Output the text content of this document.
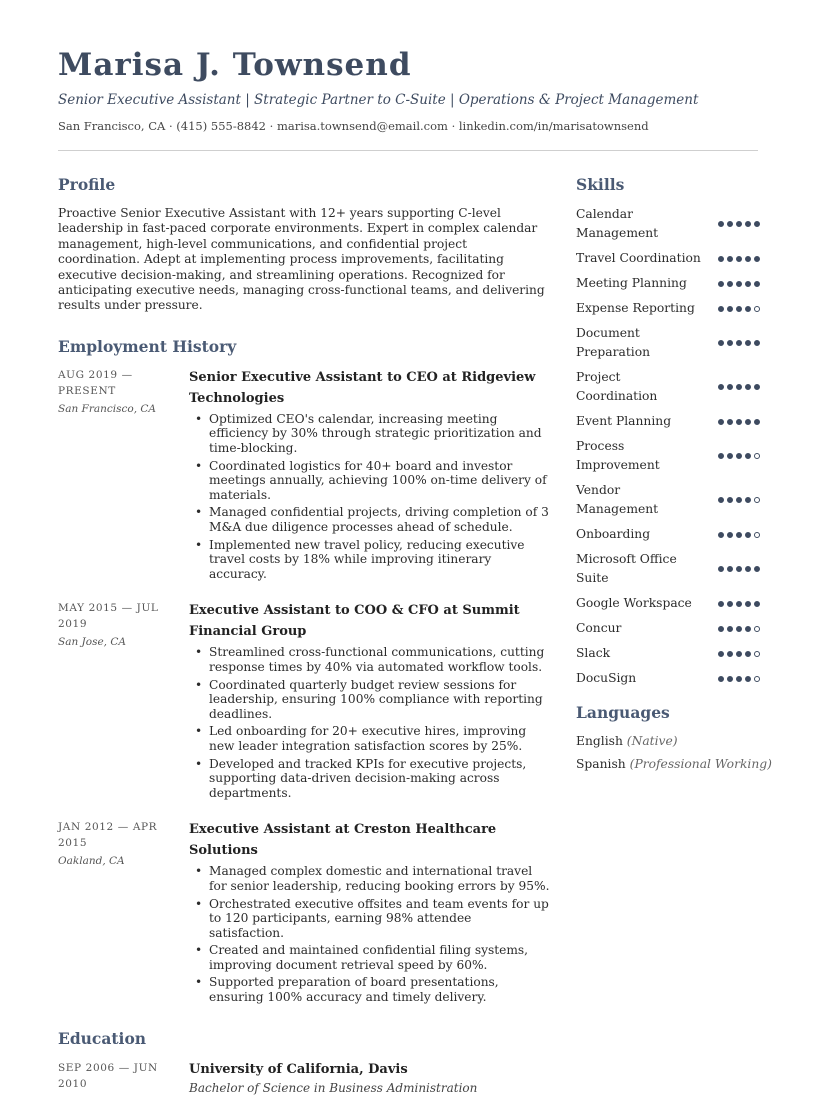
Marisa J. Townsend
Senior Executive Assistant | Strategic Partner to C-Suite | Operations & Project Management
San Francisco, CA · (415) 555-8842 · marisa.townsend@email.com · linkedin.com/in/marisatownsend
Profile

Proactive Senior Executive Assistant with 12+ years supporting C-level leadership in fast-paced corporate environments. Expert in complex calendar management, high-level communications, and confidential project coordination. Adept at implementing process improvements, facilitating executive decision-making, and streamlining operations. Recognized for anticipating executive needs, managing cross-functional teams, and delivering results under pressure.

Employment History
AUG 2019 — PRESENT
San Francisco, CA
Senior Executive Assistant to CEO at Ridgeview Technologies
• Optimized CEO's calendar, increasing meeting efficiency by 30% through strategic prioritization and time-blocking.
• Coordinated logistics for 40+ board and investor meetings annually, achieving 100% on-time delivery of materials.
• Managed confidential projects, driving completion of 3 M&A due diligence processes ahead of schedule.
• Implemented new travel policy, reducing executive travel costs by 18% while improving itinerary accuracy.
MAY 2015 — JUL 2019
San Jose, CA
Executive Assistant to COO & CFO at Summit Financial Group
• Streamlined cross-functional communications, cutting response times by 40% via automated workflow tools.
• Coordinated quarterly budget review sessions for leadership, ensuring 100% compliance with reporting deadlines.
• Led onboarding for 20+ executive hires, improving new leader integration satisfaction scores by 25%.
• Developed and tracked KPIs for executive projects, supporting data-driven decision-making across departments.
JAN 2012 — APR 2015
Oakland, CA
Executive Assistant at Creston Healthcare Solutions
• Managed complex domestic and international travel for senior leadership, reducing booking errors by 95%.
• Orchestrated executive offsites and team events for up to 120 participants, earning 98% attendee satisfaction.
• Created and maintained confidential filing systems, improving document retrieval speed by 60%.
• Supported preparation of board presentations, ensuring 100% accuracy and timely delivery.
Education
SEP 2006 — JUN 2010
University of California, Davis
Bachelor of Science in Business Administration
Skills
Calendar Management
Travel Coordination
Meeting Planning
Expense Reporting
Document Preparation
Project Coordination
Event Planning
Process Improvement
Vendor Management
Onboarding
Microsoft Office Suite
Google Workspace
Concur
Slack
DocuSign
Languages
English (Native)
Spanish (Professional Working)
